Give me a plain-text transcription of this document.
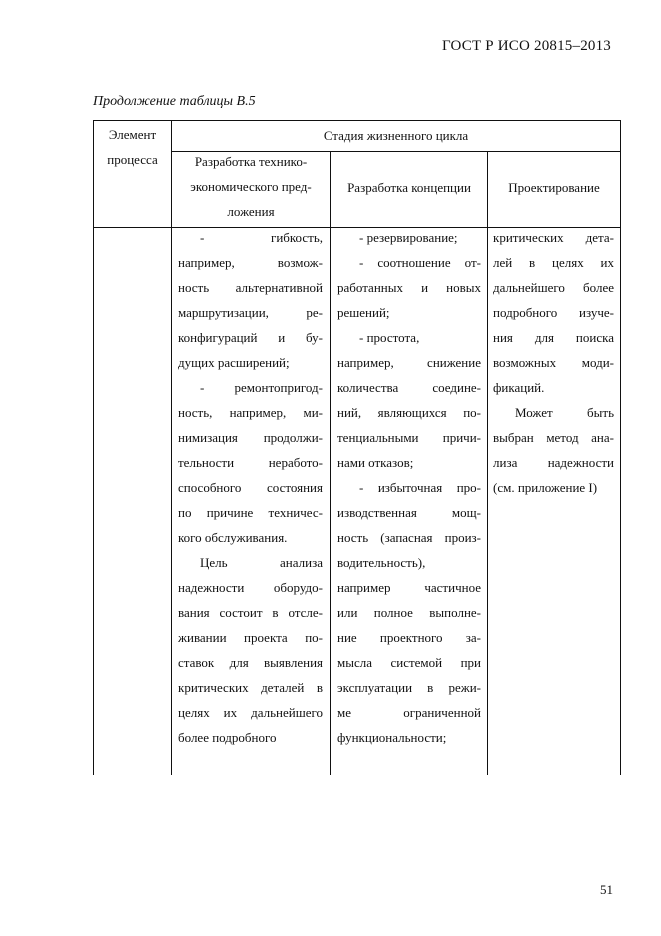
ГОСТ Р ИСО 20815–2013
Продолжение таблицы В.5
Элемент
процесса
Стадия жизненного цикла
Разработка технико-
экономического пред-
ложения
Разработка концепции	Проектирование

- гибкость,

например, возмож-

ность альтернативной

маршрутизации, ре-

конфигураций и бу-

дущих расширений;

- ремонтопригод-

ность, например, ми-

нимизация продолжи-

тельности неработо-

способного состояния

по причине техничес-

кого обслуживания.

Цель анализа

надежности оборудо-

вания состоит в отсле-

живании проекта по-

ставок для выявления

критических деталей в

целях их дальнейшего

более подробного

- резервирование;

- соотношение от-

работанных и новых

решений;

- простота,

например, снижение

количества соедине-

ний, являющихся по-

тенциальными причи-

нами отказов;

- избыточная про-

изводственная мощ-

ность (запасная произ-

водительность),

например частичное

или полное выполне-

ние проектного за-

мысла системой при

эксплуатации в режи-

ме ограниченной

функциональности;

критических дета-

лей в целях их

дальнейшего более

подробного изуче-

ния для поиска

возможных моди-

фикаций.

Может быть

выбран метод ана-

лиза надежности

(см. приложение I)

51
